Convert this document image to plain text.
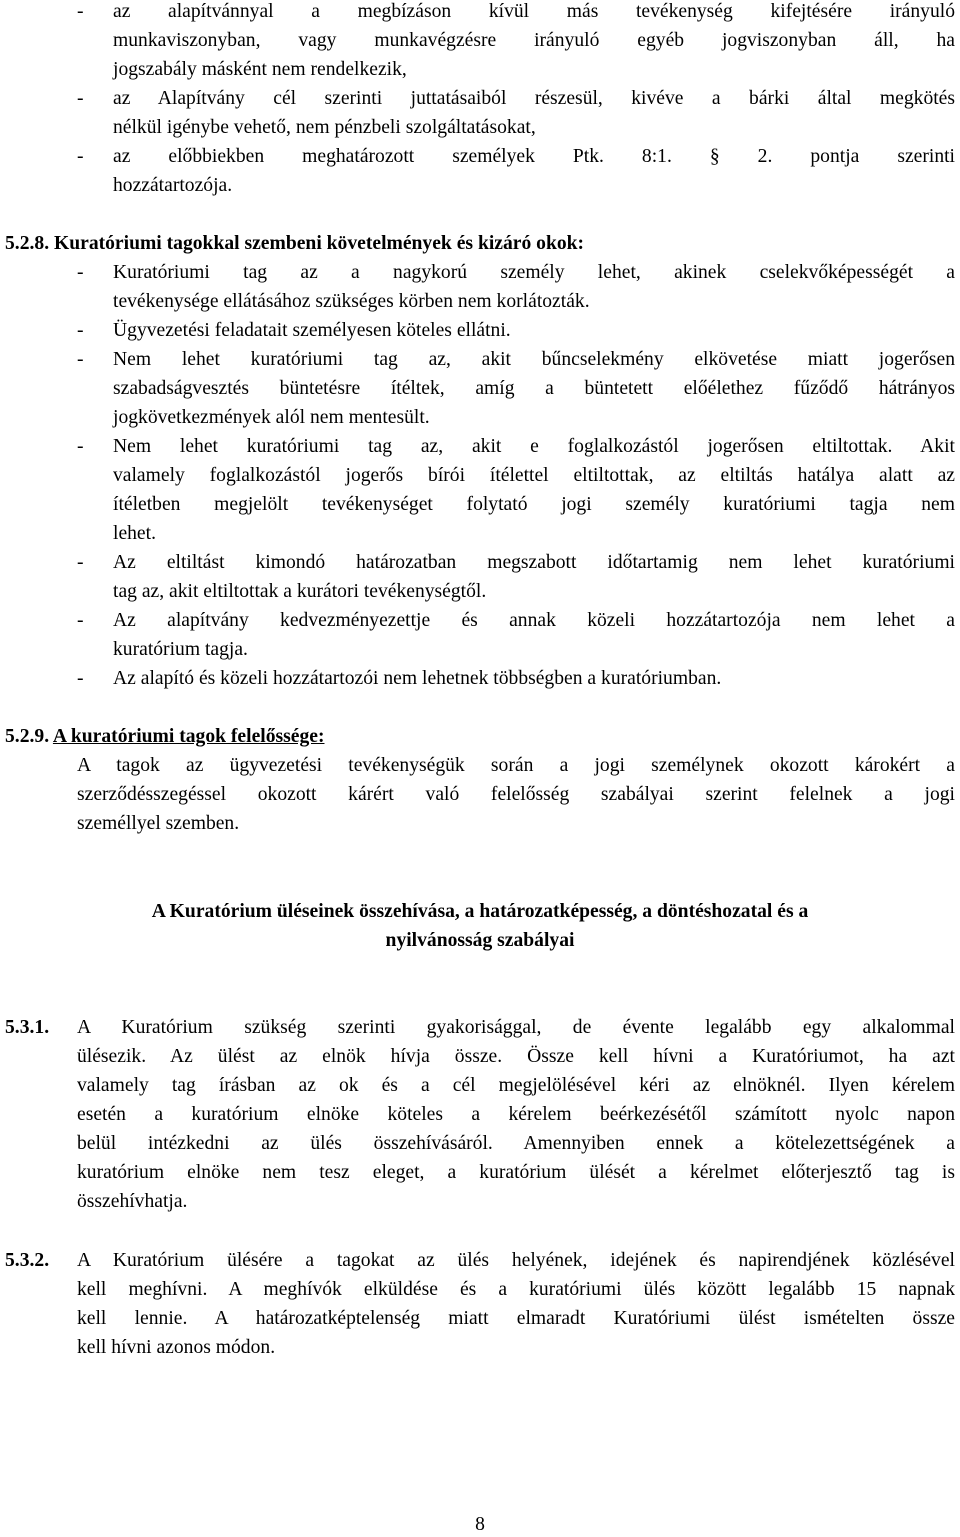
- az alapítvánnyal a megbízáson kívül más tevékenység kifejtésére irányuló
munkaviszonyban, vagy munkavégzésre irányuló egyéb jogviszonyban áll, ha
jogszabály másként nem rendelkezik,
- az Alapítvány cél szerinti juttatásaiból részesül, kivéve a bárki által megkötés
nélkül igénybe vehető, nem pénzbeli szolgáltatásokat,
- az előbbiekben meghatározott személyek Ptk. 8:1. § 2. pontja szerinti
hozzátartozója.
5.2.8. Kuratóriumi tagokkal szembeni követelmények és kizáró okok:
- Kuratóriumi tag az a nagykorú személy lehet, akinek cselekvőképességét a
tevékenysége ellátásához szükséges körben nem korlátozták.
- Ügyvezetési feladatait személyesen köteles ellátni.
- Nem lehet kuratóriumi tag az, akit bűncselekmény elkövetése miatt jogerősen
szabadságvesztés büntetésre ítéltek, amíg a büntetett előélethez fűződő hátrányos
jogkövetkezmények alól nem mentesült.
- Nem lehet kuratóriumi tag az, akit e foglalkozástól jogerősen eltiltottak. Akit
valamely foglalkozástól jogerős bírói ítélettel eltiltottak, az eltiltás hatálya alatt az
ítéletben megjelölt tevékenységet folytató jogi személy kuratóriumi tagja nem
lehet.
- Az eltiltást kimondó határozatban megszabott időtartamig nem lehet kuratóriumi
tag az, akit eltiltottak a kurátori tevékenységtől.
- Az alapítvány kedvezményezettje és annak közeli hozzátartozója nem lehet a
kuratórium tagja.
- Az alapító és közeli hozzátartozói nem lehetnek többségben a kuratóriumban.
5.2.9. A kuratóriumi tagok felelőssége:
A tagok az ügyvezetési tevékenységük során a jogi személynek okozott károkért a
szerződésszegéssel okozott kárért való felelősség szabályai szerint felelnek a jogi
személlyel szemben.
A Kuratórium üléseinek összehívása, a határozatképesség, a döntéshozatal és a
nyilvánosság szabályai
5.3.1. A Kuratórium szükség szerinti gyakorisággal, de évente legalább egy alkalommal
ülésezik. Az ülést az elnök hívja össze. Össze kell hívni a Kuratóriumot, ha azt
valamely tag írásban az ok és a cél megjelölésével kéri az elnöknél. Ilyen kérelem
esetén a kuratórium elnöke köteles a kérelem beérkezésétől számított nyolc napon
belül intézkedni az ülés összehívásáról. Amennyiben ennek a kötelezettségének a
kuratórium elnöke nem tesz eleget, a kuratórium ülését a kérelmet előterjesztő tag is
összehívhatja.
5.3.2. A Kuratórium ülésére a tagokat az ülés helyének, idejének és napirendjének közlésével
kell meghívni. A meghívók elküldése és a kuratóriumi ülés között legalább 15 napnak
kell lennie. A határozatképtelenség miatt elmaradt Kuratóriumi ülést ismételten össze
kell hívni azonos módon.
8
